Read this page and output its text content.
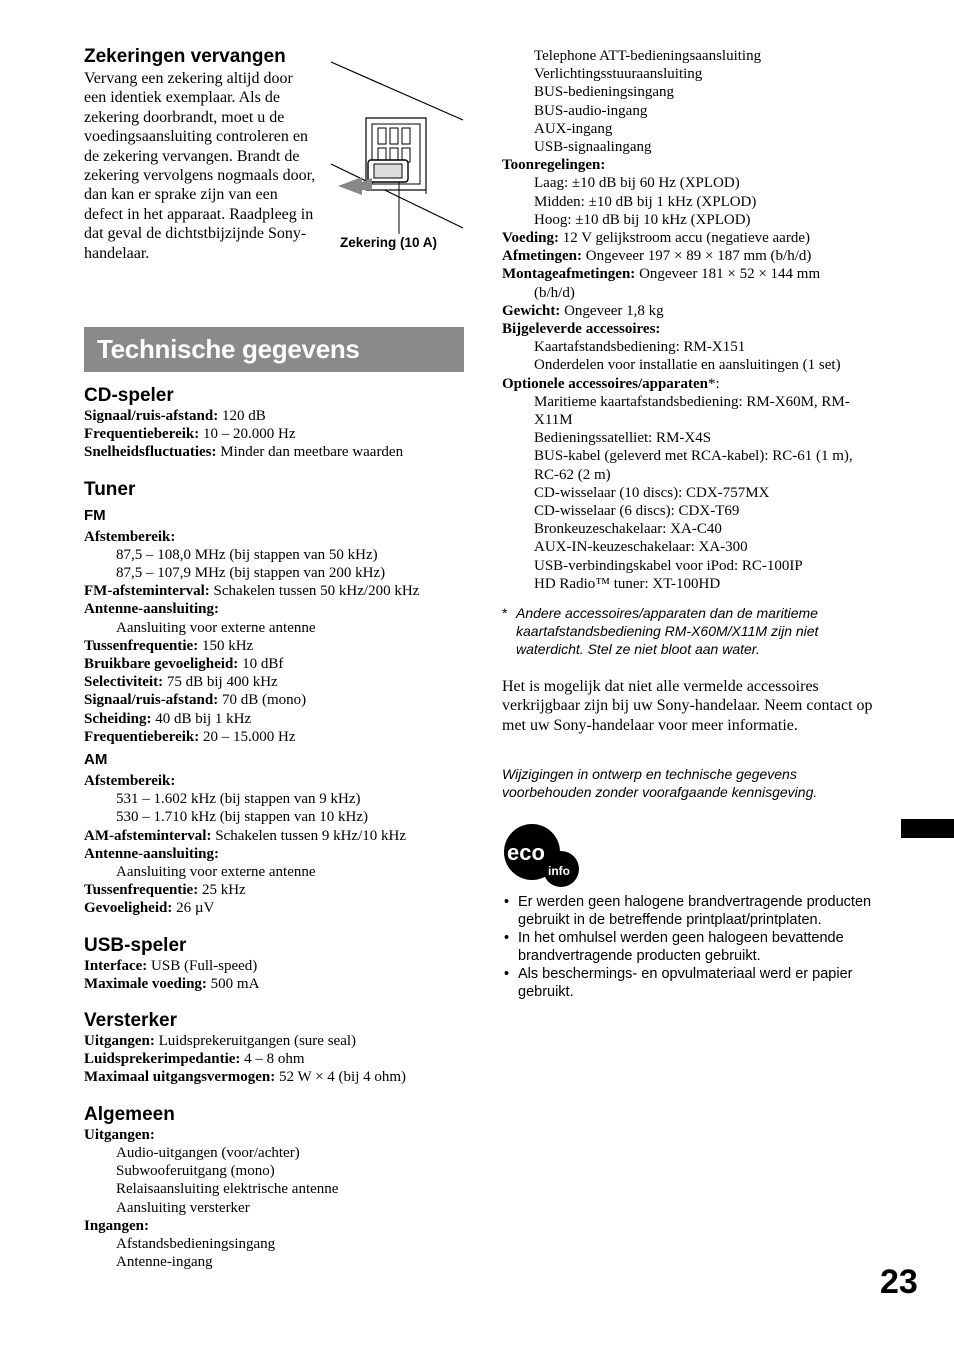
Zekeringen vervangen
Vervang een zekering altijd door een identiek exemplaar. Als de zekering doorbrandt, moet u de voedingsaansluiting controleren en de zekering vervangen. Brandt de zekering vervolgens nogmaals door, dan kan er sprake zijn van een defect in het apparaat. Raadpleeg in dat geval de dichtstbijzijnde Sony-handelaar.
Zekering (10 A)
Technische gegevens
CD-speler
Signaal/ruis-afstand: 120 dB
Frequentiebereik: 10 – 20.000 Hz
Snelheidsfluctuaties: Minder dan meetbare waarden
Tuner
FM
Afstembereik:
87,5 – 108,0 MHz (bij stappen van 50 kHz)
87,5 – 107,9 MHz (bij stappen van 200 kHz)
FM-afsteminterval: Schakelen tussen 50 kHz/200 kHz
Antenne-aansluiting:
Aansluiting voor externe antenne
Tussenfrequentie: 150 kHz
Bruikbare gevoeligheid: 10 dBf
Selectiviteit: 75 dB bij 400 kHz
Signaal/ruis-afstand: 70 dB (mono)
Scheiding: 40 dB bij 1 kHz
Frequentiebereik: 20 – 15.000 Hz
AM
Afstembereik:
531 – 1.602 kHz (bij stappen van 9 kHz)
530 – 1.710 kHz (bij stappen van 10 kHz)
AM-afsteminterval: Schakelen tussen 9 kHz/10 kHz
Antenne-aansluiting:
Aansluiting voor externe antenne
Tussenfrequentie: 25 kHz
Gevoeligheid: 26 µV
USB-speler
Interface: USB (Full-speed)
Maximale voeding: 500 mA
Versterker
Uitgangen: Luidsprekeruitgangen (sure seal)
Luidsprekerimpedantie: 4 – 8 ohm
Maximaal uitgangsvermogen: 52 W × 4 (bij 4 ohm)
Algemeen
Uitgangen:
Audio-uitgangen (voor/achter)
Subwooferuitgang (mono)
Relaisaansluiting elektrische antenne
Aansluiting versterker
Ingangen:
Afstandsbedieningsingang
Antenne-ingang
Telephone ATT-bedieningsaansluiting
Verlichtingsstuuraansluiting
BUS-bedieningsingang
BUS-audio-ingang
AUX-ingang
USB-signaalingang
Toonregelingen:
Laag: ±10 dB bij 60 Hz (XPLOD)
Midden: ±10 dB bij 1 kHz (XPLOD)
Hoog: ±10 dB bij 10 kHz (XPLOD)
Voeding: 12 V gelijkstroom accu (negatieve aarde)
Afmetingen: Ongeveer 197 × 89 × 187 mm (b/h/d)
Montageafmetingen: Ongeveer 181 × 52 × 144 mm
(b/h/d)
Gewicht: Ongeveer 1,8 kg
Bijgeleverde accessoires:
Kaartafstandsbediening: RM-X151
Onderdelen voor installatie en aansluitingen (1 set)
Optionele accessoires/apparaten*:
Maritieme kaartafstandsbediening: RM-X60M, RM-X11M
Bedieningssatelliet: RM-X4S
BUS-kabel (geleverd met RCA-kabel): RC-61 (1 m), RC-62 (2 m)
CD-wisselaar (10 discs): CDX-757MX
CD-wisselaar (6 discs): CDX-T69
Bronkeuzeschakelaar: XA-C40
AUX-IN-keuzeschakelaar: XA-300
USB-verbindingskabel voor iPod: RC-100IP
HD Radio™ tuner: XT-100HD
* Andere accessoires/apparaten dan de maritieme kaartafstandsbediening RM-X60M/X11M zijn niet waterdicht. Stel ze niet bloot aan water.
Het is mogelijk dat niet alle vermelde accessoires verkrijgbaar zijn bij uw Sony-handelaar. Neem contact op met uw Sony-handelaar voor meer informatie.
Wijzigingen in ontwerp en technische gegevens voorbehouden zonder voorafgaande kennisgeving.
eco
info
• Er werden geen halogene brandvertragende producten gebruikt in de betreffende printplaat/printplaten.
• In het omhulsel werden geen halogeen bevattende brandvertragende producten gebruikt.
• Als beschermings- en opvulmateriaal werd er papier gebruikt.
23
